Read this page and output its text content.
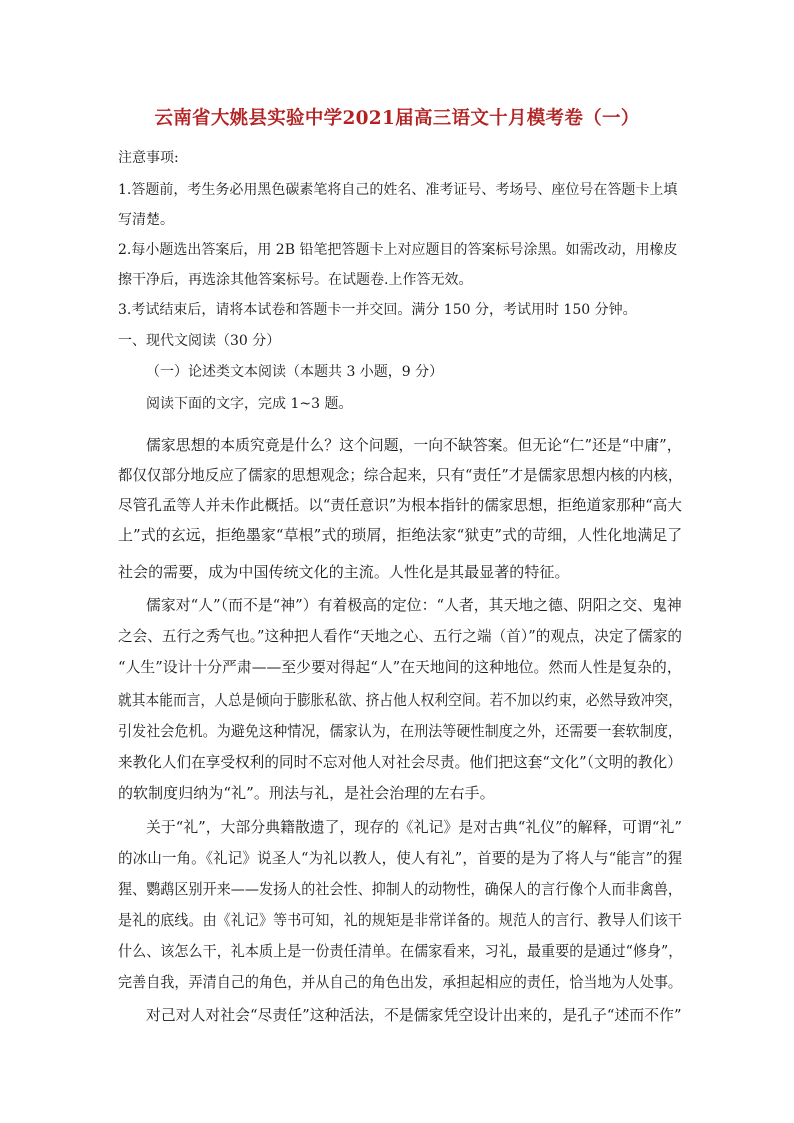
云南省大姚县实验中学2021届高三语文十月模考卷（一）
注意事项:
1.答题前，考生务必用黑色碳素笔将自己的姓名、准考证号、考场号、座位号在答题卡上填
写清楚。
2.每小题选出答案后，用 2B 铅笔把答题卡上对应题目的答案标号涂黑。如需改动，用橡皮
擦干净后，再选涂其他答案标号。在试题卷.上作答无效。
3.考试结束后，请将本试卷和答题卡一并交回。满分 150 分，考试用时 150 分钟。
一、现代文阅读（30 分）
（一）论述类文本阅读（本题共 3 小题，9 分）
阅读下面的文字，完成 1~3 题。
儒家思想的本质究竟是什么？这个问题，一向不缺答案。但无论“仁”还是“中庸”，
都仅仅部分地反应了儒家的思想观念；综合起来，只有“责任”才是儒家思想内核的内核，
尽管孔孟等人并未作此概括。以“责任意识”为根本指针的儒家思想，拒绝道家那种“高大
上”式的玄远，拒绝墨家“草根”式的琐屑，拒绝法家“狱吏”式的苛细，人性化地满足了
社会的需要，成为中国传统文化的主流。人性化是其最显著的特征。
儒家对“人”（而不是“神”）有着极高的定位：“人者，其天地之德、阴阳之交、鬼神
之会、五行之秀气也。”这种把人看作“天地之心、五行之端（首）”的观点，决定了儒家的
“人生”设计十分严肃——至少要对得起“人”在天地间的这种地位。然而人性是复杂的，
就其本能而言，人总是倾向于膨胀私欲、挤占他人权利空间。若不加以约束，必然导致冲突，
引发社会危机。为避免这种情况，儒家认为，在刑法等硬性制度之外，还需要一套软制度，
来教化人们在享受权利的同时不忘对他人对社会尽责。他们把这套“文化”（文明的教化）
的软制度归纳为“礼”。刑法与礼，是社会治理的左右手。
关于“礼”，大部分典籍散遗了，现存的《礼记》是对古典“礼仪”的解释，可谓“礼”
的冰山一角。《礼记》说圣人“为礼以教人，使人有礼”，首要的是为了将人与“能言”的猩
猩、鹦鹉区别开来——发扬人的社会性、抑制人的动物性，确保人的言行像个人而非禽兽，
是礼的底线。由《礼记》等书可知，礼的规矩是非常详备的。规范人的言行、教导人们该干
什么、该怎么干，礼本质上是一份责任清单。在儒家看来，习礼，最重要的是通过“修身”，
完善自我，弄清自己的角色，并从自己的角色出发，承担起相应的责任，恰当地为人处事。
对己对人对社会“尽责任”这种活法，不是儒家凭空设计出来的，是孔子“述而不作”
